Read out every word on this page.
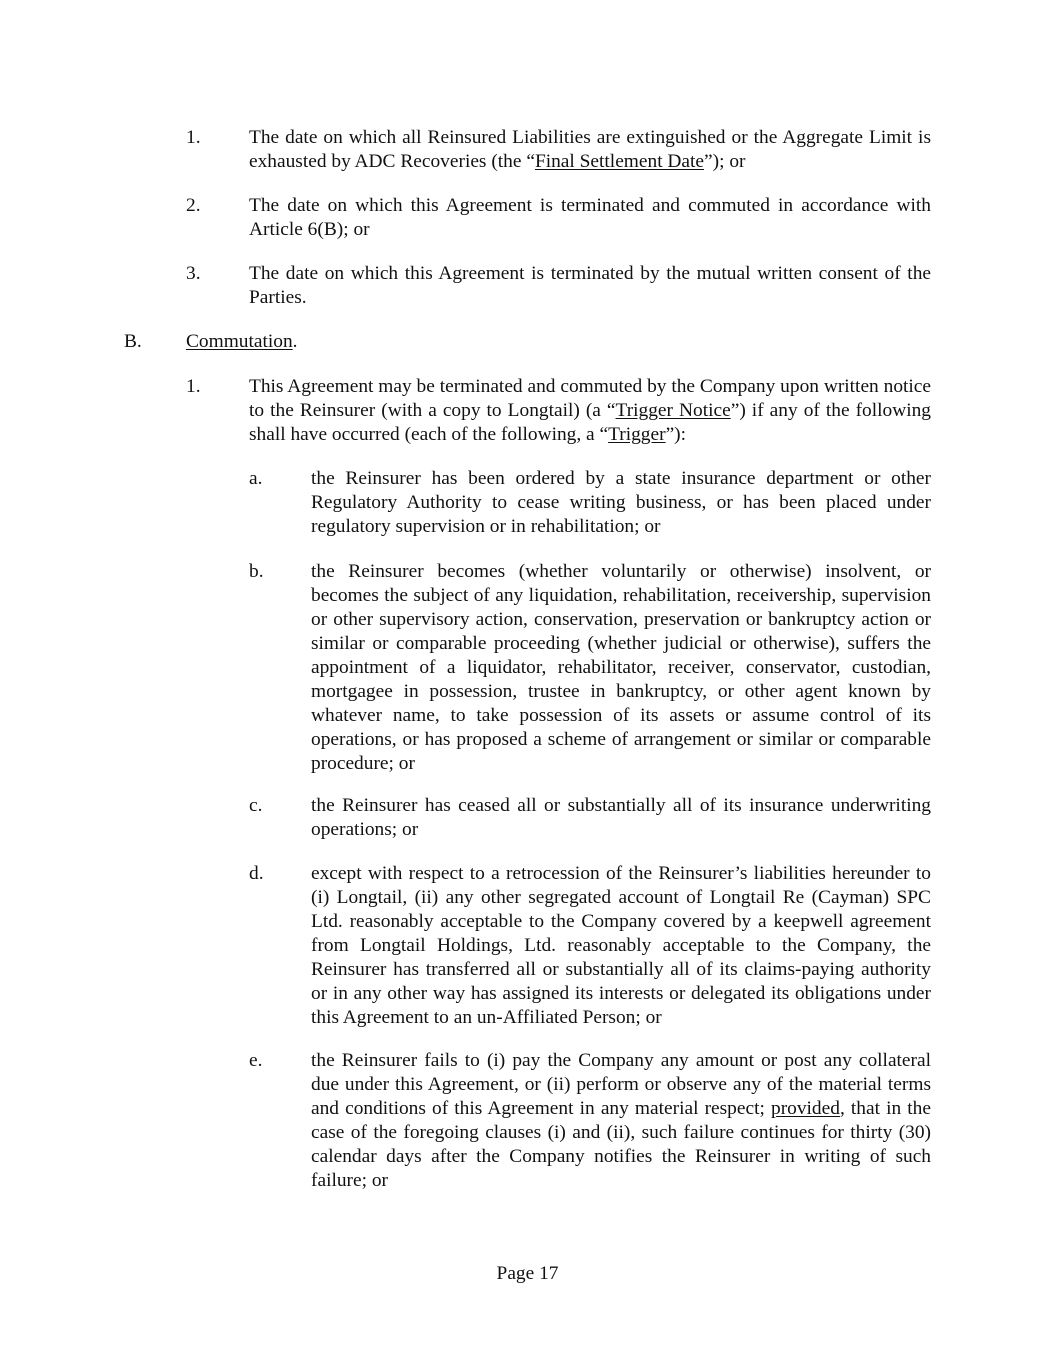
1. The date on which all Reinsured Liabilities are extinguished or the Aggregate Limit is exhausted by ADC Recoveries (the “Final Settlement Date”); or
2. The date on which this Agreement is terminated and commuted in accordance with Article 6(B); or
3. The date on which this Agreement is terminated by the mutual written consent of the Parties.
B. Commutation.
1. This Agreement may be terminated and commuted by the Company upon written notice to the Reinsurer (with a copy to Longtail) (a “Trigger Notice”) if any of the following shall have occurred (each of the following, a “Trigger”):
a.	the Reinsurer has been ordered by a state insurance department or other Regulatory Authority to cease writing business, or has been placed under regulatory supervision or in rehabilitation; or
b. the Reinsurer becomes (whether voluntarily or otherwise) insolvent, or becomes the subject of any liquidation, rehabilitation, receivership, supervision or other supervisory action, conservation, preservation or bankruptcy action or similar or comparable proceeding (whether judicial or otherwise), suffers the appointment of a liquidator, rehabilitator, receiver, conservator, custodian, mortgagee in possession, trustee in bankruptcy, or other agent known by whatever name, to take possession of its assets or assume control of its operations, or has proposed a scheme of arrangement or similar or comparable procedure; or
c.	the Reinsurer has ceased all or substantially all of its insurance underwriting operations; or
d. except with respect to a retrocession of the Reinsurer’s liabilities hereunder to (i) Longtail, (ii) any other segregated account of Longtail Re (Cayman) SPC Ltd. reasonably acceptable to the Company covered by a keepwell agreement from Longtail Holdings, Ltd. reasonably acceptable to the Company, the Reinsurer has transferred all or substantially all of its claims-paying authority or in any other way has assigned its interests or delegated its obligations under this Agreement to an un-Affiliated Person; or
e.	the Reinsurer fails to (i) pay the Company any amount or post any collateral due under this Agreement, or (ii) perform or observe any of the material terms and conditions of this Agreement in any material respect; provided, that in the case of the foregoing clauses (i) and (ii), such failure continues for thirty (30) calendar days after the Company notifies the Reinsurer in writing of such failure; or
Page 17
